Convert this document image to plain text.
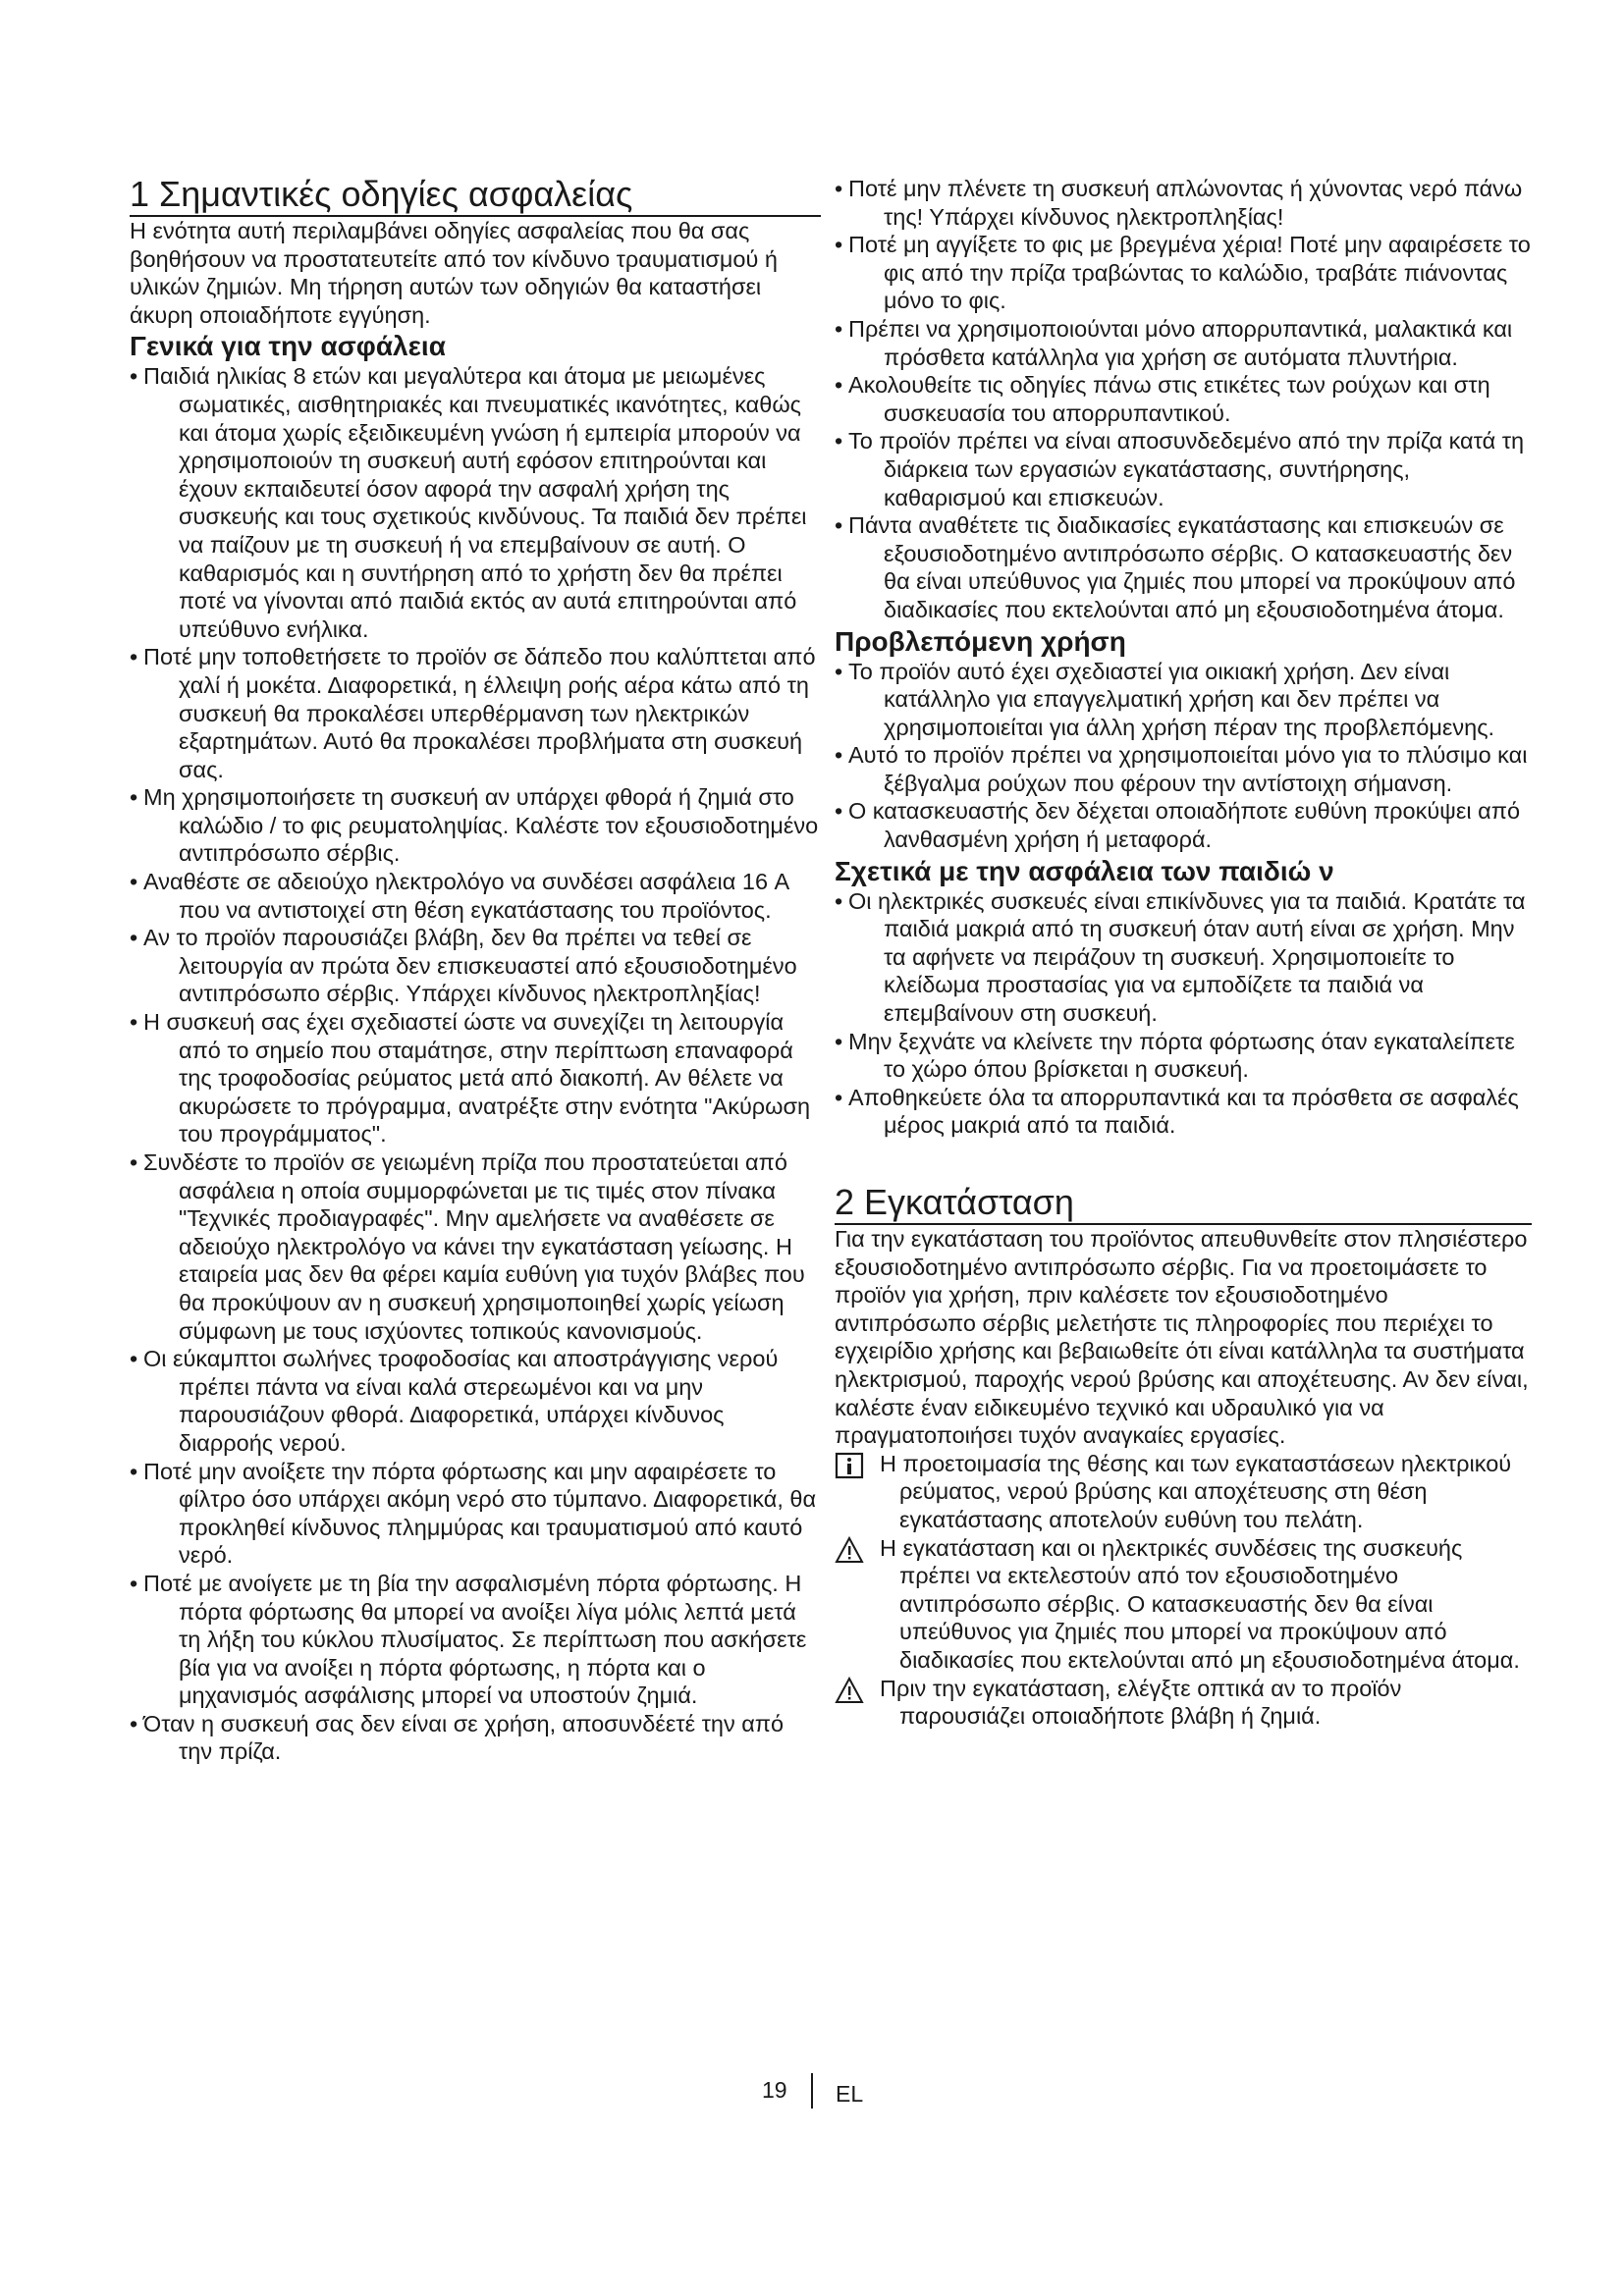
1 Σημαντικές οδηγίες ασφαλείας

Η ενότητα αυτή περιλαμβάνει οδηγίες ασφαλείας που θα σας βοηθήσουν να προστατευτείτε από τον κίνδυνο τραυματισμού ή υλικών ζημιών. Μη τήρηση αυτών των οδηγιών θα καταστήσει άκυρη οποιαδήποτε εγγύηση.

Γενικά για την ασφάλεια
• Παιδιά ηλικίας 8 ετών και μεγαλύτερα και άτομα με μειωμένες σωματικές, αισθητηριακές και πνευματικές ικανότητες, καθώς και άτομα χωρίς εξειδικευμένη γνώση ή εμπειρία μπορούν να χρησιμοποιούν τη συσκευή αυτή εφόσον επιτηρούνται και έχουν εκπαιδευτεί όσον αφορά την ασφαλή χρήση της συσκευής και τους σχετικούς κινδύνους. Τα παιδιά δεν πρέπει να παίζουν με τη συσκευή ή να επεμβαίνουν σε αυτή. Ο καθαρισμός και η συντήρηση από το χρήστη δεν θα πρέπει ποτέ να γίνονται από παιδιά εκτός αν αυτά επιτηρούνται από υπεύθυνο ενήλικα.
• Ποτέ μην τοποθετήσετε το προϊόν σε δάπεδο που καλύπτεται από χαλί ή μοκέτα. Διαφορετικά, η έλλειψη ροής αέρα κάτω από τη συσκευή θα προκαλέσει υπερθέρμανση των ηλεκτρικών εξαρτημάτων. Αυτό θα προκαλέσει προβλήματα στη συσκευή σας.
• Μη χρησιμοποιήσετε τη συσκευή αν υπάρχει φθορά ή ζημιά στο καλώδιο / το φις ρευματοληψίας. Καλέστε τον εξουσιοδοτημένο αντιπρόσωπο σέρβις.
• Αναθέστε σε αδειούχο ηλεκτρολόγο να συνδέσει ασφάλεια 16 A που να αντιστοιχεί στη θέση εγκατάστασης του προϊόντος.
• Αν το προϊόν παρουσιάζει βλάβη, δεν θα πρέπει να τεθεί σε λειτουργία αν πρώτα δεν επισκευαστεί από εξουσιοδοτημένο αντιπρόσωπο σέρβις. Υπάρχει κίνδυνος ηλεκτροπληξίας!
• Η συσκευή σας έχει σχεδιαστεί ώστε να συνεχίζει τη λειτουργία από το σημείο που σταμάτησε, στην περίπτωση επαναφορά της τροφοδοσίας ρεύματος μετά από διακοπή. Αν θέλετε να ακυρώσετε το πρόγραμμα, ανατρέξτε στην ενότητα "Ακύρωση του προγράμματος".
• Συνδέστε το προϊόν σε γειωμένη πρίζα που προστατεύεται από ασφάλεια η οποία συμμορφώνεται με τις τιμές στον πίνακα "Τεχνικές προδιαγραφές". Μην αμελήσετε να αναθέσετε σε αδειούχο ηλεκτρολόγο να κάνει την εγκατάσταση γείωσης. Η εταιρεία μας δεν θα φέρει καμία ευθύνη για τυχόν βλάβες που θα προκύψουν αν η συσκευή χρησιμοποιηθεί χωρίς γείωση σύμφωνη με τους ισχύοντες τοπικούς κανονισμούς.
• Οι εύκαμπτοι σωλήνες τροφοδοσίας και αποστράγγισης νερού πρέπει πάντα να είναι καλά στερεωμένοι και να μην παρουσιάζουν φθορά. Διαφορετικά, υπάρχει κίνδυνος διαρροής νερού.
• Ποτέ μην ανοίξετε την πόρτα φόρτωσης και μην αφαιρέσετε το φίλτρο όσο υπάρχει ακόμη νερό στο τύμπανο. Διαφορετικά, θα προκληθεί κίνδυνος πλημμύρας και τραυματισμού από καυτό νερό.
• Ποτέ με ανοίγετε με τη βία την ασφαλισμένη πόρτα φόρτωσης. Η πόρτα φόρτωσης θα μπορεί να ανοίξει λίγα μόλις λεπτά μετά τη λήξη του κύκλου πλυσίματος. Σε περίπτωση που ασκήσετε βία για να ανοίξει η πόρτα φόρτωσης, η πόρτα και ο μηχανισμός ασφάλισης μπορεί να υποστούν ζημιά.
• Όταν η συσκευή σας δεν είναι σε χρήση, αποσυνδέετέ την από την πρίζα.
• Ποτέ μην πλένετε τη συσκευή απλώνοντας ή χύνοντας νερό πάνω της! Υπάρχει κίνδυνος ηλεκτροπληξίας!
• Ποτέ μη αγγίξετε το φις με βρεγμένα χέρια! Ποτέ μην αφαιρέσετε το φις από την πρίζα τραβώντας το καλώδιο, τραβάτε πιάνοντας μόνο το φις.
• Πρέπει να χρησιμοποιούνται μόνο απορρυπαντικά, μαλακτικά και πρόσθετα κατάλληλα για χρήση σε αυτόματα πλυντήρια.
• Ακολουθείτε τις οδηγίες πάνω στις ετικέτες των ρούχων και στη συσκευασία του απορρυπαντικού.
• Το προϊόν πρέπει να είναι αποσυνδεδεμένο από την πρίζα κατά τη διάρκεια των εργασιών εγκατάστασης, συντήρησης, καθαρισμού και επισκευών.
• Πάντα αναθέτετε τις διαδικασίες εγκατάστασης και επισκευών σε εξουσιοδοτημένο αντιπρόσωπο σέρβις. Ο κατασκευαστής δεν θα είναι υπεύθυνος για ζημιές που μπορεί να προκύψουν από διαδικασίες που εκτελούνται από μη εξουσιοδοτημένα άτομα.
Προβλεπόμενη χρήση
• Το προϊόν αυτό έχει σχεδιαστεί για οικιακή χρήση. Δεν είναι κατάλληλο για επαγγελματική χρήση και δεν πρέπει να χρησιμοποιείται για άλλη χρήση πέραν της προβλεπόμενης.
• Αυτό το προϊόν πρέπει να χρησιμοποιείται μόνο για το πλύσιμο και ξέβγαλμα ρούχων που φέρουν την αντίστοιχη σήμανση.
• Ο κατασκευαστής δεν δέχεται οποιαδήποτε ευθύνη προκύψει από λανθασμένη χρήση ή μεταφορά.
Σχετικά με την ασφάλεια των παιδιώ ν
• Οι ηλεκτρικές συσκευές είναι επικίνδυνες για τα παιδιά. Κρατάτε τα παιδιά μακριά από τη συσκευή όταν αυτή είναι σε χρήση. Μην τα αφήνετε να πειράζουν τη συσκευή. Χρησιμοποιείτε το κλείδωμα προστασίας για να εμποδίζετε τα παιδιά να επεμβαίνουν στη συσκευή.
• Μην ξεχνάτε να κλείνετε την πόρτα φόρτωσης όταν εγκαταλείπετε το χώρο όπου βρίσκεται η συσκευή.
• Αποθηκεύετε όλα τα απορρυπαντικά και τα πρόσθετα σε ασφαλές μέρος μακριά από τα παιδιά.
2 Εγκατάσταση

Για την εγκατάσταση του προϊόντος απευθυνθείτε στον πλησιέστερο εξουσιοδοτημένο αντιπρόσωπο σέρβις. Για να προετοιμάσετε το προϊόν για χρήση, πριν καλέσετε τον εξουσιοδοτημένο αντιπρόσωπο σέρβις μελετήστε τις πληροφορίες που περιέχει το εγχειρίδιο χρήσης και βεβαιωθείτε ότι είναι κατάλληλα τα συστήματα ηλεκτρισμού, παροχής νερού βρύσης και αποχέτευσης. Αν δεν είναι, καλέστε έναν ειδικευμένο τεχνικό και υδραυλικό για να πραγματοποιήσει τυχόν αναγκαίες εργασίες.

Η προετοιμασία της θέσης και των εγκαταστάσεων ηλεκτρικού ρεύματος, νερού βρύσης και αποχέτευσης στη θέση εγκατάστασης αποτελούν ευθύνη του πελάτη.
Η εγκατάσταση και οι ηλεκτρικές συνδέσεις της συσκευής πρέπει να εκτελεστούν από τον εξουσιοδοτημένο αντιπρόσωπο σέρβις. Ο κατασκευαστής δεν θα είναι υπεύθυνος για ζημιές που μπορεί να προκύψουν από διαδικασίες που εκτελούνται από μη εξουσιοδοτημένα άτομα.
Πριν την εγκατάσταση, ελέγξτε οπτικά αν το προϊόν παρουσιάζει οποιαδήποτε βλάβη ή ζημιά.
19 EL
